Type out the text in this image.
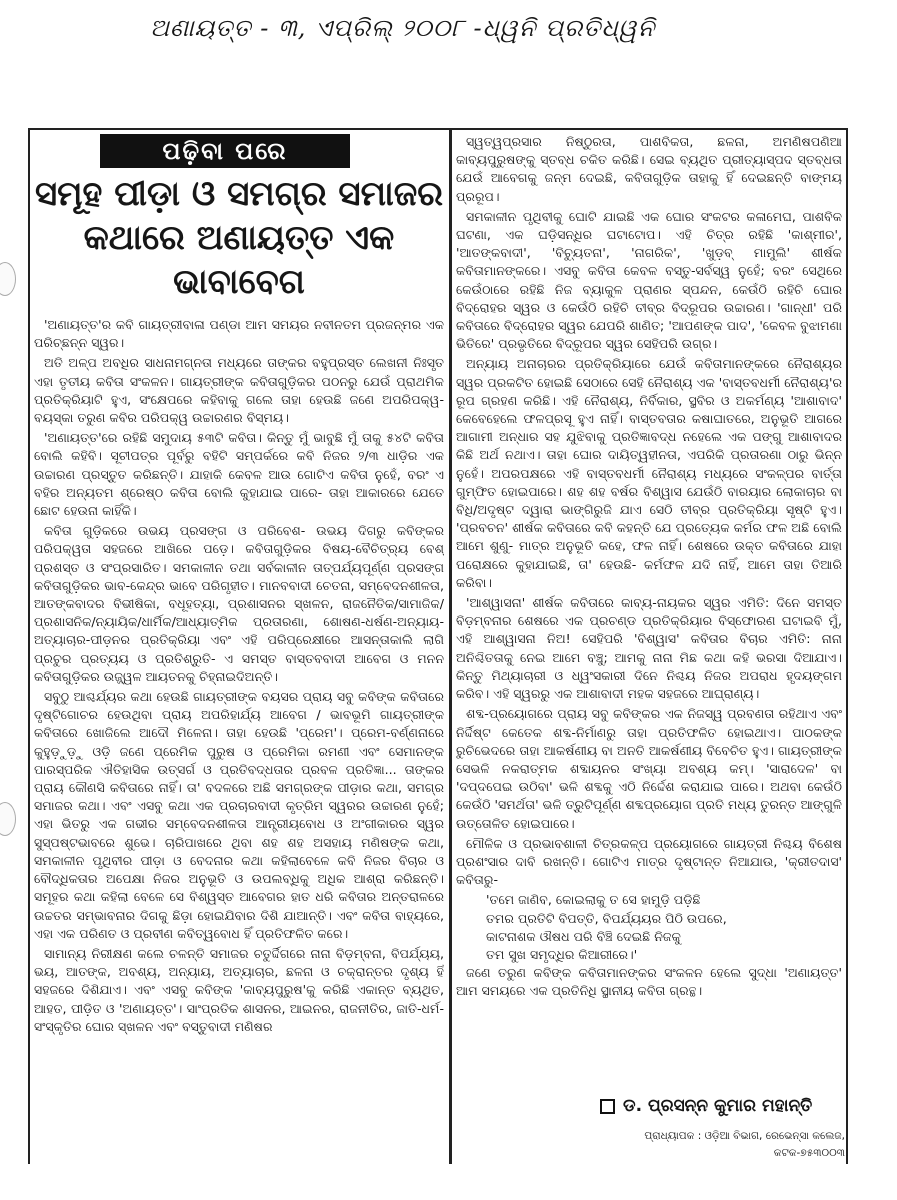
ଅଣାୟତ୍ତ - ୩, ଏପ୍ରିଲ୍ ୨୦୦୮ -ଧ୍ୱନି ପ୍ରତିଧ୍ୱନି
ପଢ଼ିବା ପରେ
ସମୂହ ପୀଡ଼ା ଓ ସମଗ୍ର ସମାଜର କଥାରେ ଅଣାୟତ୍ତ ଏକ ଭାବାବେଗ

'ଅଣାୟତ୍ତ'ର କବି ଗାୟତ୍ରୀବାଳା ପଣ୍ଡା ଆମ ସମୟର ନବୀନତମ ପ୍ରଜନ୍ମର ଏକ ପରିଚ୍ଛନ୍ନ ସ୍ୱର।

ଅତି ଅଳ୍ପ ଅବଧିର ସାଧନାମଗ୍ନତା ମଧ୍ୟରେ ତାଙ୍କର ବହୁପ୍ରସ୍ତ ଲେଖନୀ ନିଃସୃତ ଏହା ତୃତୀୟ କବିତା ସଂକଳନ। ଗାୟତ୍ରୀଙ୍କ କବିତାଗୁଡ଼ିକର ପଠନରୁ ଯେଉଁ ପ୍ରାଥମିକ ପ୍ରତିକ୍ରିୟାଟି ହୁଏ, ସଂକ୍ଷେପରେ କହିବାକୁ ଗଲେ ତାହା ହେଉଛି ଜଣେ ଅପରିପକ୍ୱ-ବୟସ୍କା ତରୁଣ କବିର ପରିପକ୍ୱ ଉଚ୍ଚାରଣର ବିସ୍ମୟ।

'ଅଣାୟତ୍ତ'ରେ ରହିଛି ସମୁଦାୟ ୫୩ଟି କବିତା। କିନ୍ତୁ ମୁଁ ଭାବୁଛି ମୁଁ ତାକୁ ୫୪ଟି କବିତା ବୋଲି କହିବି। ସୂଚୀପତ୍ର ପୂର୍ବରୁ ବହିଟି ସମ୍ପର୍କରେ କବି ନିଜର ୨/୩ ଧାଡ଼ିର ଏକ ଉଚ୍ଚାରଣ ପ୍ରସ୍ତୁତ କରିଛନ୍ତି। ଯାହାକି କେବଳ ଆଉ ଗୋଟିଏ କବିତା ନୁହେଁ, ବରଂ ଏ ବହିର ଅନ୍ୟତମ ଶ୍ରେଷ୍ଠ କବିତା ବୋଲି କୁହାଯାଇ ପାରେ- ତାହା ଆକାରରେ ଯେତେ ଛୋଟ ହେଉନା କାହିଁକି।

କବିତା ଗୁଡ଼ିକରେ ଉଭୟ ପ୍ରସଙ୍ଗ ଓ ପରିବେଶ- ଉଭୟ ଦିଗରୁ କବିଙ୍କର ପରିପକ୍ୱତା ସହଜରେ ଆଖିରେ ପଡ଼େ। କବିତାଗୁଡ଼ିକର ବିଷୟ-ବୈଚିତ୍ର୍ୟ ବେଶ୍ ପ୍ରଶସ୍ତ ଓ ସଂପ୍ରସାରିତ। ସମକାଳୀନ ତଥା ସର୍ବକାଳୀନ ତାତ୍ପର୍ଯ୍ୟପୂର୍ଣ୍ଣ ପ୍ରସଙ୍ଗ କବିତାଗୁଡ଼ିକର ଭାବ-କେନ୍ଦ୍ର ଭାବେ ପରିଗୃହୀତ। ମାନବବାଦୀ ଚେତନା, ସମ୍ବେଦନଶୀଳତା, ଆତଙ୍କବାଦର ବିଭୀଷିକା, ବଧୂହତ୍ୟା, ପ୍ରଶାସନର ସ୍ଖଳନ, ରାଜନୈତିକ/ସାମାଜିକ/ପ୍ରଶାସନିକ/ନ୍ୟାୟିକ/ଧାର୍ମିକ/ଆଧ୍ୟାତ୍ମିକ ପ୍ରତାରଣା, ଶୋଷଣ-ଧର୍ଷଣ-ଅନ୍ୟାୟ-ଅତ୍ୟାଚାର-ପୀଡ଼ନର ପ୍ରତିକ୍ରିୟା ଏବଂ ଏହି ପରିପ୍ରେକ୍ଷୀରେ ଆସନ୍ତାକାଲି ଲାଗି ପ୍ରଚୁର ପ୍ରତ୍ୟୟ ଓ ପ୍ରତିଶ୍ରୁତି- ଏ ସମସ୍ତ ବାସ୍ତବବାଦୀ ଆବେଗ ଓ ମନନ କବିତାଗୁଡ଼ିକର ଉଜ୍ଜ୍ୱଳ ଆୟତନକୁ ଚିହ୍ନାଇଦିଅନ୍ତି।

ସବୁଠୁ ଆଶ୍ଚର୍ଯ୍ୟର କଥା ହେଉଛି ଗାୟତ୍ରୀଙ୍କ ବୟସର ପ୍ରାୟ ସବୁ କବିଙ୍କ କବିତାରେ ଦୃଷ୍ଟିଗୋଚର ହେଉଥିବା ପ୍ରାୟ ଅପରିହାର୍ଯ୍ୟ ଆବେଗ / ଭାବଭୂମି ଗାୟତ୍ରୀଙ୍କ କବିତାରେ ଖୋଜିଲେ ଆଦୌ ମିଳେନା। ତାହା ହେଉଛି 'ପ୍ରେମ'। ପ୍ରେମ-ବର୍ଣ୍ଣନାରେ କୁହୁଡ଼ୁଡ଼ୁ ଓଡ଼ି ଜଣେ ପ୍ରେମିକ ପୁରୁଷ ଓ ପ୍ରେମିକା ରମଣୀ ଏବଂ ସେମାନଙ୍କ ପାରସ୍ପରିକ ଐତିହାସିକ ଉତ୍ସର୍ଗ ଓ ପ୍ରତିବଦ୍ଧତାର ପ୍ରବଳ ପ୍ରତିଜ୍ଞା... ତାଙ୍କର ପ୍ରାୟ କୌଣସି କବିତାରେ ନାହିଁ। ତା' ବଦଳରେ ଅଛି ସମଗ୍ରଙ୍କ ପୀଡ଼ାର କଥା, ସମଗ୍ର ସମାଜର କଥା। ଏବଂ ଏସବୁ କଥା ଏକ ପ୍ରଚାରବାଦୀ କୃତ୍ରିମ ସ୍ୱରର ଉଚ୍ଚାରଣ ନୁହେଁ; ଏହା ଭିତରୁ ଏକ ଗଭୀର ସମ୍ବେଦନଶୀଳତା ଆନ୍ତ୍ରୀୟବୋଧ ଓ ଅଂଗୀକାରର ସ୍ୱର ସୁସ୍ପଷ୍ଟଭାବରେ ଶୁଭେ। ଚାରିପାଖରେ ଥିବା ଶହ ଶହ ଅସହାୟ ମଣିଷଙ୍କ କଥା, ସମକାଳୀନ ପୃଥିବୀର ପୀଡ଼ା ଓ ବେଦନାର କଥା କହିଲାବେଳେ କବି ନିଜର ବିଚାର ଓ ବୌଦ୍ଧିକତାର ଅପେକ୍ଷା ନିଜର ଅନୁଭୂତି ଓ ଉପଲବ୍ଧିକୁ ଅଧିକ ଆଶ୍ରା କରିଛନ୍ତି। ସମୂହର କଥା କହିଲା ବେଳେ ସେ ବିଶ୍ୱସ୍ତ ଆବେଗର ହାତ ଧରି କବିତାର ଅନ୍ତରାଳରେ ଉଚ୍ଚତର ସମ୍ଭାବନାର ଦିଗକୁ ଛିଡ଼ା ହୋଇଯିବାର ଦିଶି ଯାଆନ୍ତି। ଏବଂ କବିତା ବାହ୍ୟରେ, ଏହା ଏକ ପରିଣତ ଓ ପ୍ରବୀଣ କବିତ୍ୱବୋଧ ହିଁ ପ୍ରତିଫଳିତ କରେ।

ସାମାନ୍ୟ ନିରୀକ୍ଷଣ କଲେ ଚଳନ୍ତି ସମାଜର ଚତୁର୍ଦ୍ଦିଗରେ ନାନା ବିଡ଼ମ୍ବନା, ବିପର୍ଯ୍ୟୟ, ଭୟ, ଆତଙ୍କ, ଅବଶ୍ୟ, ଅନ୍ୟାୟ, ଅତ୍ୟାଚାର, ଛଳନା ଓ ଚକ୍ରାନ୍ତର ଦୃଶ୍ୟ ହିଁ ସହଜରେ ଦିଶିଯାଏ। ଏବଂ ଏସବୁ କବିଙ୍କ 'କାବ୍ୟପୁରୁଷ'କୁ କରିଛି ଏକାନ୍ତ ବ୍ୟଥିତ, ଆହତ, ପୀଡ଼ିତ ଓ 'ଅଣାୟତ୍ତ'। ସାଂପ୍ରତିକ ଶାସନର, ଆଇନର, ରାଜନୀତିର, ଜାତି-ଧର୍ମ-ସଂସ୍କୃତିର ଘୋର ସ୍ଖଳନ ଏବଂ ବସ୍ତୁବାଦୀ ମଣିଷର

ସ୍ୱତ୍ୱପ୍ରସାର ନିଷ୍ଠୁରତା, ପାଶବିକତା, ଛଳନା, ଅମଣିଷପଣିଆ କାବ୍ୟପୁରୁଷଙ୍କୁ ସ୍ତବ୍ଧ ଚକିତ କରିଛି। ସେଇ ବ୍ୟଥିତ ପ୍ରୀତ୍ୟାସ୍ପଦ ସ୍ତବ୍ଧତା ଯେଉଁ ଆବେଗକୁ ଜନ୍ମ ଦେଇଛି, କବିତାଗୁଡ଼ିକ ତାହାକୁ ହିଁ ଦେଇଛନ୍ତି ବାଙ୍ମୟ ପ୍ରରୂପ।

ସମକାଳୀନ ପୃଥିବୀକୁ ଘୋଟି ଯାଇଛି ଏକ ଘୋର ସଂକଟର କଳାମେଘ, ପାଶବିକ ଘଟଣା, ଏକ ଘଡ଼ିସନ୍ଧିର ଘଟାଟୋପ। ଏହି ଚିତ୍ର ରହିଛି 'କାଶ୍ମୀର', 'ଆତଙ୍କବାଦୀ', 'ବିଚ୍ୟୁତନା', 'ନାଗରିକ', 'ଖୁଡ଼ବ୍ ମାମୁଲି' ଶୀର୍ଷକ କବିତାମାନଙ୍କରେ। ଏସବୁ କବିତା କେବଳ ବସ୍ତୁ-ସର୍ବସ୍ୱ ନୁହେଁ; ବରଂ ସେଥିରେ କେଉଁଠାରେ ରହିଛି ନିଜ ବ୍ୟାକୁଳ ପ୍ରାଣର ସ୍ପନ୍ଦନ, କେଉଁଠି ରହିଚି ଘୋର ବିଦ୍ରୋହର ସ୍ୱର ଓ କେଉଁଠି ରହିଚି ତୀବ୍ର ବିଦ୍ରୂପର ଉଚ୍ଚାରଣ। 'ଗାନ୍ଧୀ' ପରି କବିତାରେ ବିଦ୍ରୋହର ସ୍ୱର ଯେପରି ଶାଣିତ; 'ଆପଣଙ୍କ ପାଦ', 'କେବଳ ବୁଝାମଣା ଭିତିରେ' ପ୍ରଭୃତିରେ ବିଦ୍ରୂପର ସ୍ୱର ସେହିପରି ଉଗ୍ର।

ଅନ୍ୟାୟ ଅନାଚାରର ପ୍ରତିକ୍ରିୟାରେ ଯେଉଁ କବିତାମାନଙ୍କରେ ନୈରାଶ୍ୟର ସ୍ୱର ପ୍ରକଟିତ ହୋଇଛି ସେଠାରେ ସେହି ନୈରାଶ୍ୟ ଏକ 'ବାସ୍ତବଧର୍ମୀ ନୈରାଶ୍ୟ'ର ରୂପ ଗ୍ରହଣ କରିଛି। ଏହି ନୈରାଶ୍ୟ, ନିର୍ବିକାର, ସ୍ଥବିର ଓ ଅକର୍ମଣ୍ୟ 'ଆଶାବାଦ' କେବେହେଲେ ଫଳପ୍ରସୂ ହୁଏ ନାହିଁ। ବାସ୍ତବତାର କଷାଘାତରେ, ଅନୁଭୂତି ଆଗରେ ଆଗାମୀ ଅନ୍ଧାର ସହ ଯୁଝିବାକୁ ପ୍ରତିଜ୍ଞାବଦ୍ଧ ନହେଲେ ଏକ ପଙ୍ଗୁ ଆଶାବାଦର କିଛି ଅର୍ଥ ନଥାଏ। ତାହା ଘୋର ଦାୟିତ୍ୱହୀନତା, ଏପରିକି ପ୍ରତାରଣା ଠାରୁ ଭିନ୍ନ ନୁହେଁ। ଅପରପକ୍ଷରେ ଏହି ବାସ୍ତବଧର୍ମୀ ନୈରାଶ୍ୟ ମଧ୍ୟରେ ସଂକଳ୍ପର ବାର୍ତ୍ତା ଗୁମ୍ଫିତ ହୋଇପାରେ। ଶହ ଶହ ବର୍ଷର ବିଶ୍ୱାସ ଯେଉଁଠି ବାରୟାର ଲୋକାଚାର ବା ବିଧି/ଅଦୃଷ୍ଟ ଦ୍ୱାରା ଭାଙ୍ଗିରୁଜି ଯାଏ ସେଠି ତୀବ୍ର ପ୍ରତିକ୍ରିୟା ସୃଷ୍ଟି ହୁଏ। 'ପ୍ରବଚନ' ଶୀର୍ଷକ କବିତାରେ କବି କହନ୍ତି ଯେ ପ୍ରତ୍ୟେକ କର୍ମର ଫଳ ଅଛି ବୋଲି ଆମେ ଶୁଣୁ- ମାତ୍ର ଅନୁଭୂତି କହେ, ଫଳ ନାହିଁ। ଶେଷରେ ଉକ୍ତ କବିତାରେ ଯାହା ପରୋକ୍ଷରେ କୁହାଯାଇଛି, ତା' ହେଉଛି- କର୍ମଫଳ ଯଦି ନାହିଁ, ଆମେ ତାହା ତିଆରି କରିବା।

'ଆଶ୍ୱାସନା' ଶୀର୍ଷକ କବିତାରେ କାବ୍ୟ-ନାୟକର ସ୍ୱର ଏମିତି: ଦିନେ ସମସ୍ତ ବିଡ଼ମ୍ବନାର ଶେଷରେ ଏକ ପ୍ରଚଣ୍ଡ ପ୍ରତିକ୍ରିୟାର ବିସ୍ଫୋରଣ ଘଟାଇବି ମୁଁ, ଏହି ଆଶ୍ୱାସନା ନିଅ! ସେହିପରି 'ବିଶ୍ୱାସ' କବିତାର ବିଚାର ଏମିତି: ନାନା ଅନିଶ୍ଚିତତାକୁ ନେଇ ଆମେ ବଞ୍ଚୁ; ଆମକୁ ନାନା ମିଛ କଥା କହି ଭରସା ଦିଆଯାଏ। କିନ୍ତୁ ମିଥ୍ୟାଚାରୀ ଓ ଧ୍ୱଂସକାରୀ ଦିନେ ନିଶ୍ଚୟ ନିଜର ଅପରାଧ ହୃଦୟଙ୍ଗମ କରିବ। ଏହି ସ୍ୱରରୁ ଏକ ଆଶାବାଦୀ ମହକ ସହଜରେ ଆଘ୍ରାଣ୍ୟ।

ଶବ୍ଦ-ପ୍ରୟୋଗରେ ପ୍ରାୟ ସବୁ କବିଙ୍କର ଏକ ନିଜସ୍ୱ ପ୍ରବଣତା ରହିଥାଏ ଏବଂ ନିର୍ଦ୍ଦିଷ୍ଟ କେତେକ ଶବ୍ଦ-ନିର୍ମାଣରୁ ତାହା ପ୍ରତିଫଳିତ ହୋଇଥାଏ। ପାଠକଙ୍କ ରୁଚିଭେଦରେ ତାହା ଆକର୍ଷଣୀୟ ବା ଅନତି ଆକର୍ଷଣୀୟ ବିବେଚିତ ହୁଏ। ଗାୟତ୍ରୀଙ୍କ ସେଭଳି ନକରାତ୍ମକ ଶବ୍ଦାୟନର ସଂଖ୍ୟା ଅବଶ୍ୟ କମ୍। 'ସାରାଦେଳ' ବା 'ଦପ୍‌ଦପେଇ ଉଠିବା' ଭଳି ଶବ୍ଦକୁ ଏଠି ନିର୍ଦ୍ଦେଶ କରାଯାଇ ପାରେ। ଅଥବା କେଉଁଠି କେଉଁଠି 'ସମର୍ଥତା' ଭଳି ତ୍ରୁଟିପୂର୍ଣ୍ଣ ଶବ୍ଦପ୍ରୟୋଗ ପ୍ରତି ମଧ୍ୟ ତୁରନ୍ତ ଆଙ୍ଗୁଳି ଉତ୍ତୋଳିତ ହୋଇପାରେ।

ମୌଳିକ ଓ ପ୍ରଭାବଶାଳୀ ଚିତ୍ରକଳ୍ପ ପ୍ରୟୋଗରେ ଗାୟତ୍ରୀ ନିଶ୍ଚୟ ବିଶେଷ ପ୍ରଶଂସାର ଦାବି ରଖନ୍ତି। ଗୋଟିଏ ମାତ୍ର ଦୃଷ୍ଟାନ୍ତ ନିଆଯାଉ, 'କ୍ରୀତଦାସ' କବିତାରୁ-

'ତମେ ଜାଣିବ, କୋଇଲାକୁ ତ ସେ ହାମୁଡ଼ି ପଡ଼ିଛି

ତମର ପ୍ରତିଟି ବିପତ୍ତି, ବିପର୍ଯ୍ୟୟର ପିଠି ଉପରେ,

କାଟନାଶକ ଔଷଧ ପରି ବିଞ୍ଚି ଦେଇଛି ନିଜକୁ

ତମ ସୁଖ ସମୃଦ୍ଧିର କିଆରୀରେ।'

ଜଣେ ତରୁଣ କବିଙ୍କ କବିତାମାନଙ୍କର ସଂକଳନ ହେଲେ ସୁଦ୍ଧା 'ଅଣାୟତ୍ତ' ଆମ ସମୟରେ ଏକ ପ୍ରତିନିଧି ସ୍ଥାନୀୟ କବିତା ଗ୍ରନ୍ଥ।

ଡ. ପ୍ରସନ୍ନ କୁମାର ମହାନ୍ତି
ପ୍ରାଧ୍ୟାପକ : ଓଡ଼ିଆ ବିଭାଗ, ରେଭେନ୍ସା କଲେଜ,
କଟକ-୭୫୩୦୦୩
